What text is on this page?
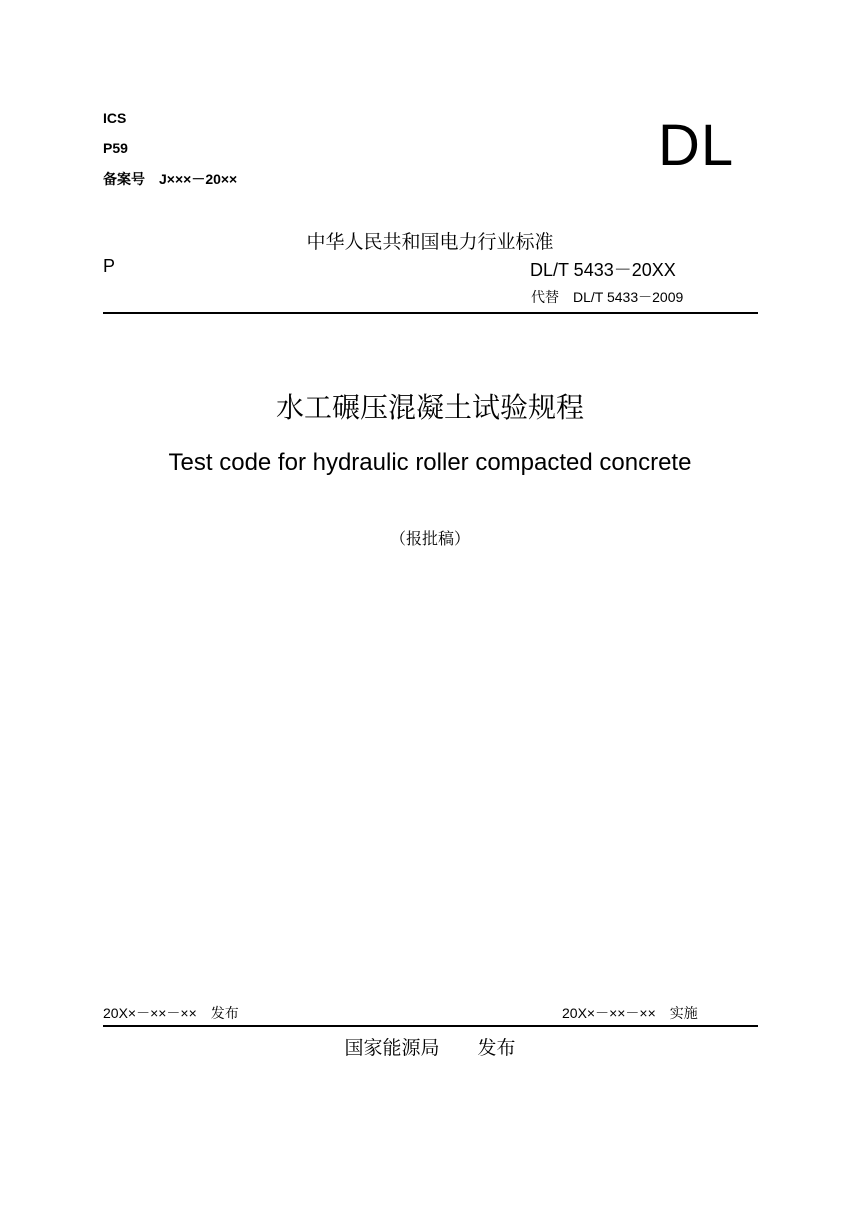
ICS
P59
备案号　J×××－20××
DL
中华人民共和国电力行业标准
P	DL/T 5433－20XX
代替　DL/T 5433－2009
水工碾压混凝土试验规程
Test code for hydraulic roller compacted concrete
（报批稿）
20X×－××－××　发布	20X×－××－××　实施
国家能源局　　发布
